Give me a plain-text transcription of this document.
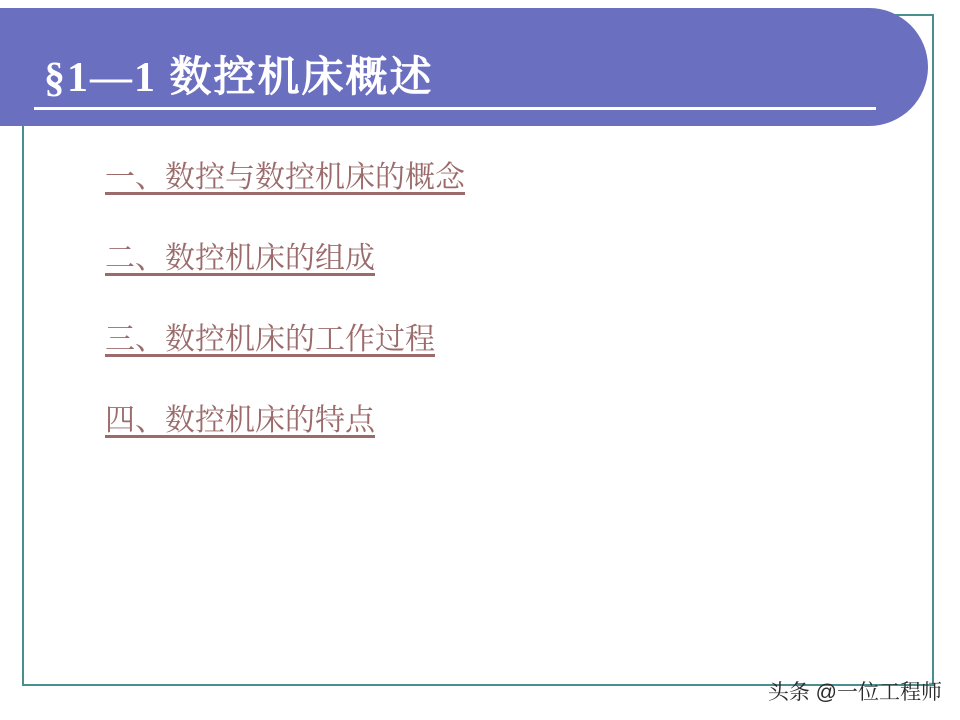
§1—1 数控机床概述
一、数控与数控机床的概念
二、数控机床的组成
三、数控机床的工作过程
四、数控机床的特点
头条 @一位工程师
